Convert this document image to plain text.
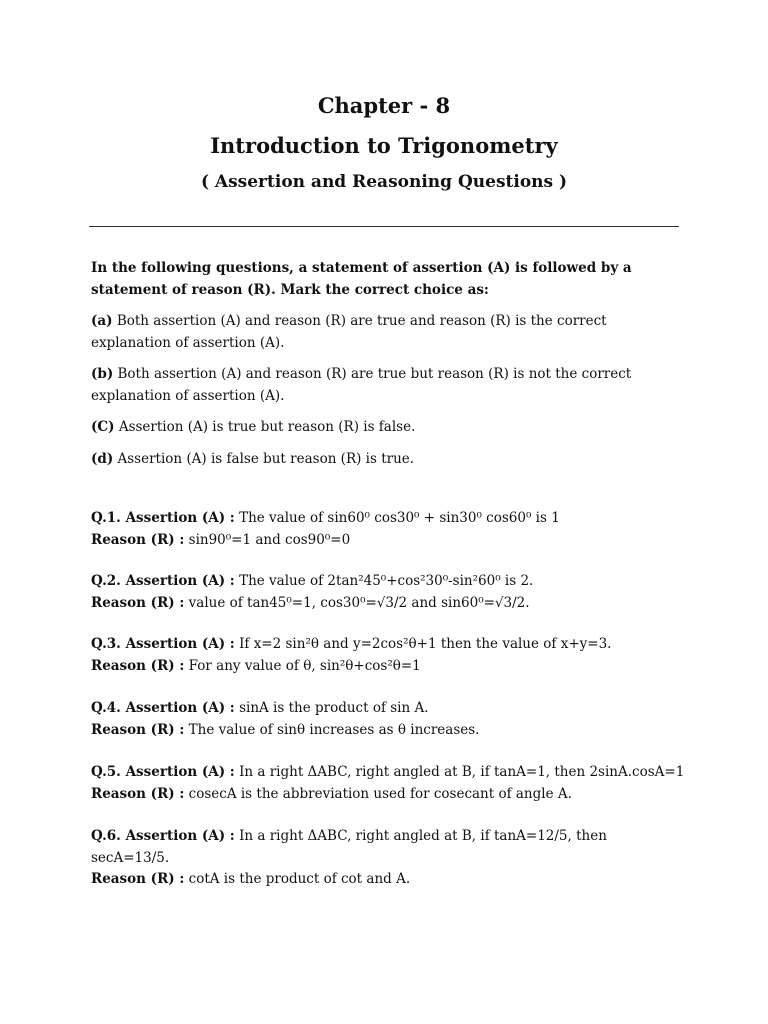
Chapter - 8
Introduction to Trigonometry
( Assertion and Reasoning Questions )
In the following questions, a statement of assertion (A) is followed by a statement of reason (R). Mark the correct choice as:
(a) Both assertion (A) and reason (R) are true and reason (R) is the correct explanation of assertion (A).
(b) Both assertion (A) and reason (R) are true but reason (R) is not the correct explanation of assertion (A).
(C) Assertion (A) is true but reason (R) is false.
(d) Assertion (A) is false but reason (R) is true.
Q.1. Assertion (A) : The value of sin60⁰ cos30⁰ + sin30⁰ cos60⁰ is 1
Reason (R) : sin90⁰=1 and cos90⁰=0
Q.2. Assertion (A) : The value of 2tan²45⁰+cos²30⁰-sin²60⁰ is 2.
Reason (R) : value of tan45⁰=1, cos30⁰=√3/2 and sin60⁰=√3/2.
Q.3. Assertion (A) : If x=2 sin²θ and y=2cos²θ+1 then the value of x+y=3.
Reason (R) : For any value of θ, sin²θ+cos²θ=1
Q.4. Assertion (A) : sinA is the product of sin A.
Reason (R) : The value of sinθ increases as θ increases.
Q.5. Assertion (A) : In a right ΔABC, right angled at B, if tanA=1, then 2sinA.cosA=1
Reason (R) : cosecA is the abbreviation used for cosecant of angle A.
Q.6. Assertion (A) : In a right ΔABC, right angled at B, if tanA=12/5, then secA=13/5.
Reason (R) : cotA is the product of cot and A.
